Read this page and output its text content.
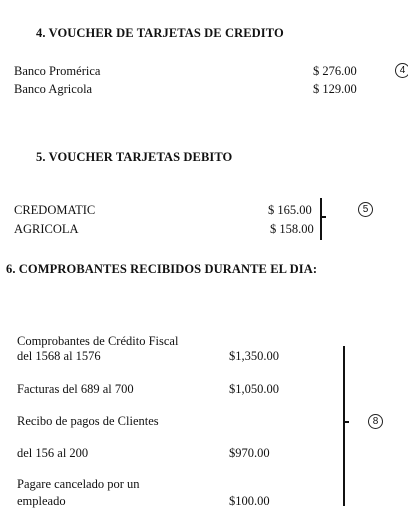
4. VOUCHER DE TARJETAS DE CREDITO
Banco Promérica	$ 276.00
Banco Agricola	$ 129.00
4
5. VOUCHER TARJETAS DEBITO
CREDOMATIC	$ 165.00
AGRICOLA	$ 158.00
5
6. COMPROBANTES RECIBIDOS DURANTE EL DIA:
Comprobantes de Crédito Fiscal
del 1568 al 1576	$1,350.00
Facturas del 689 al 700	$1,050.00
Recibo de pagos de Clientes
del 156 al 200	$970.00
Pagare cancelado por un
empleado	$100.00
8
